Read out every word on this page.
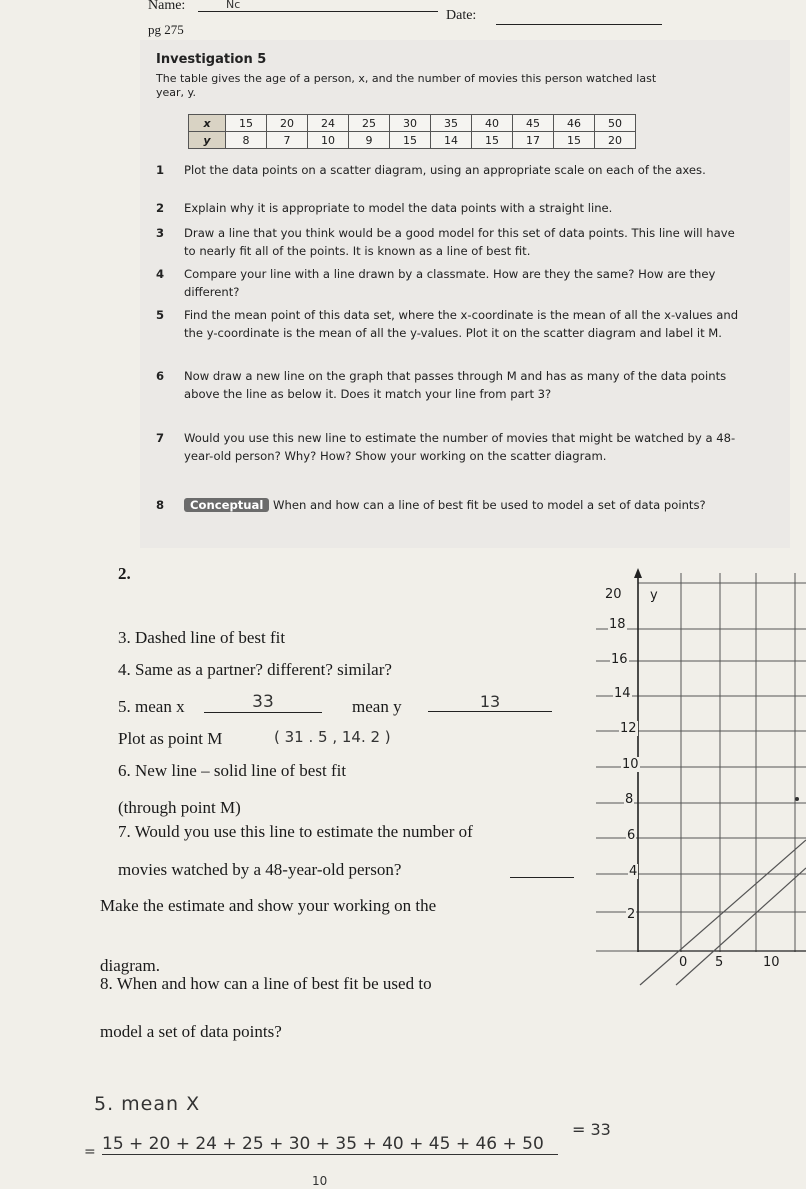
Name:	Nc
Date:
pg 275
Investigation 5
The table gives the age of a person, x, and the number of movies this person watched last year, y.
x	15	20	24	25	30	35	40	45	46	50
y	8	7	10	9	15	14	15	17	15	20
1 Plot the data points on a scatter diagram, using an appropriate scale on each of the axes.
2 Explain why it is appropriate to model the data points with a straight line.
3 Draw a line that you think would be a good model for this set of data points. This line will have to nearly fit all of the points. It is known as a line of best fit.
4 Compare your line with a line drawn by a classmate. How are they the same? How are they different?
5 Find the mean point of this data set, where the x-coordinate is the mean of all the x-values and the y-coordinate is the mean of all the y-values. Plot it on the scatter diagram and label it M.
6 Now draw a new line on the graph that passes through M and has as many of the data points above the line as below it. Does it match your line from part 3?
7 Would you use this new line to estimate the number of movies that might be watched by a 48-year-old person? Why? How? Show your working on the scatter diagram.
8	Conceptual When and how can a line of best fit be used to model a set of data points?
2.
3. Dashed line of best fit
4. Same as a partner? different? similar?
5. mean x	33	mean y	13
Plot as point M	( 31 . 5 , 14. 2 )
6. New line – solid line of best fit
(through point M)
7. Would you use this line to estimate the number of
movies watched by a 48-year-old person?
Make the estimate and show your working on the
diagram.
8. When and how can a line of best fit be used to
model a set of data points?
y
20
18
16
14
12
10
8
6
4
2
0 5	10
5. mean X
= 15 + 20 + 24 + 25 + 30 + 35 + 40 + 45 + 46 + 50
= 33
10
